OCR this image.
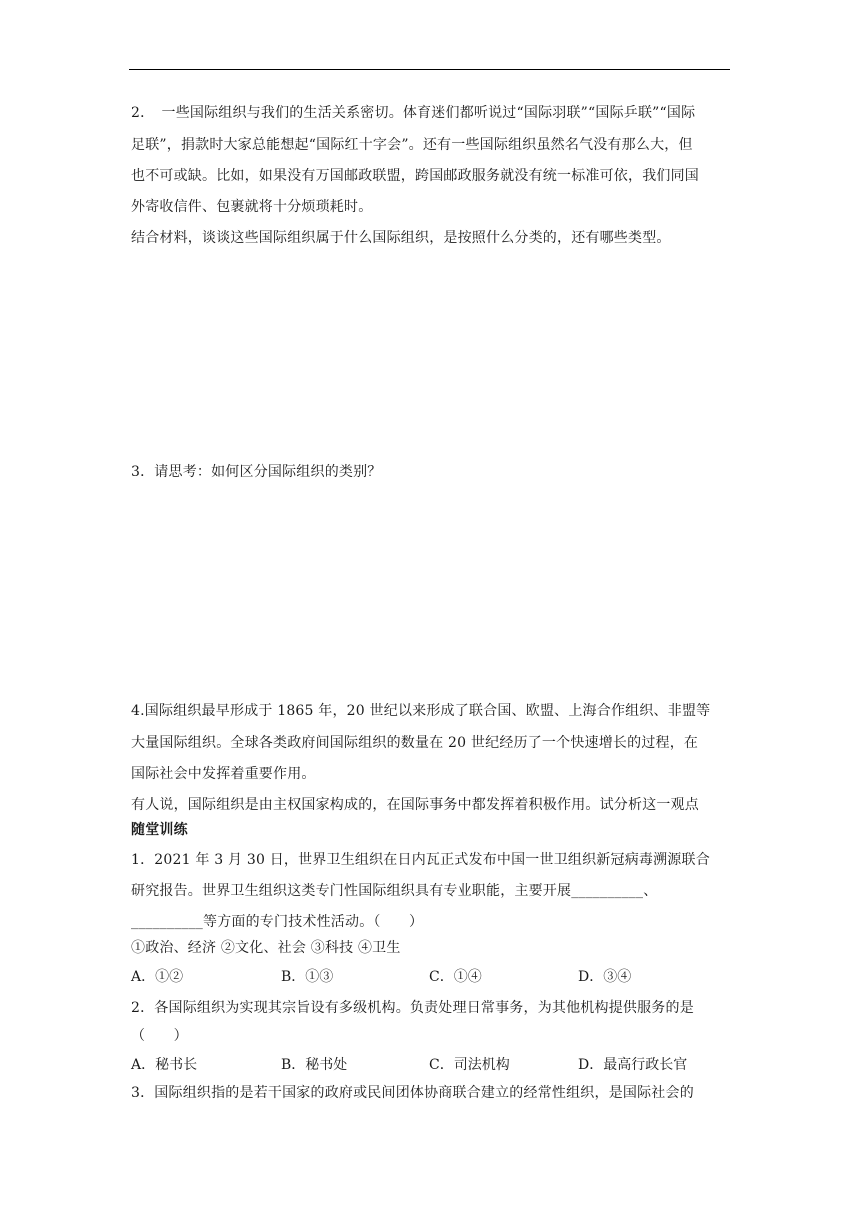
2．　一些国际组织与我们的生活关系密切。体育迷们都听说过“国际羽联”“国际乒联”“国际
足联”，捐款时大家总能想起“国际红十字会”。还有一些国际组织虽然名气没有那么大，但
也不可或缺。比如，如果没有万国邮政联盟，跨国邮政服务就没有统一标准可依，我们同国
外寄收信件、包裹就将十分烦琐耗时。
结合材料，谈谈这些国际组织属于什么国际组织，是按照什么分类的，还有哪些类型。
3．请思考：如何区分国际组织的类别？
4.国际组织最早形成于 1865 年，20 世纪以来形成了联合国、欧盟、上海合作组织、非盟等
大量国际组织。全球各类政府间国际组织的数量在 20 世纪经历了一个快速增长的过程，在
国际社会中发挥着重要作用。
有人说，国际组织是由主权国家构成的，在国际事务中都发挥着积极作用。试分析这一观点
随堂训练
1．2021 年 3 月 30 日，世界卫生组织在日内瓦正式发布中国一世卫组织新冠病毒溯源联合
研究报告。世界卫生组织这类专门性国际组织具有专业职能，主要开展__________、
__________等方面的专门技术性活动。（　　）
①政治、经济 ②文化、社会 ③科技 ④卫生
A．①②	B．①③	C．①④	D．③④
2．各国际组织为实现其宗旨设有多级机构。负责处理日常事务，为其他机构提供服务的是
（　　）
A．秘书长	B．秘书处	C．司法机构	D．最高行政长官
3．国际组织指的是若干国家的政府或民间团体协商联合建立的经常性组织，是国际社会的
